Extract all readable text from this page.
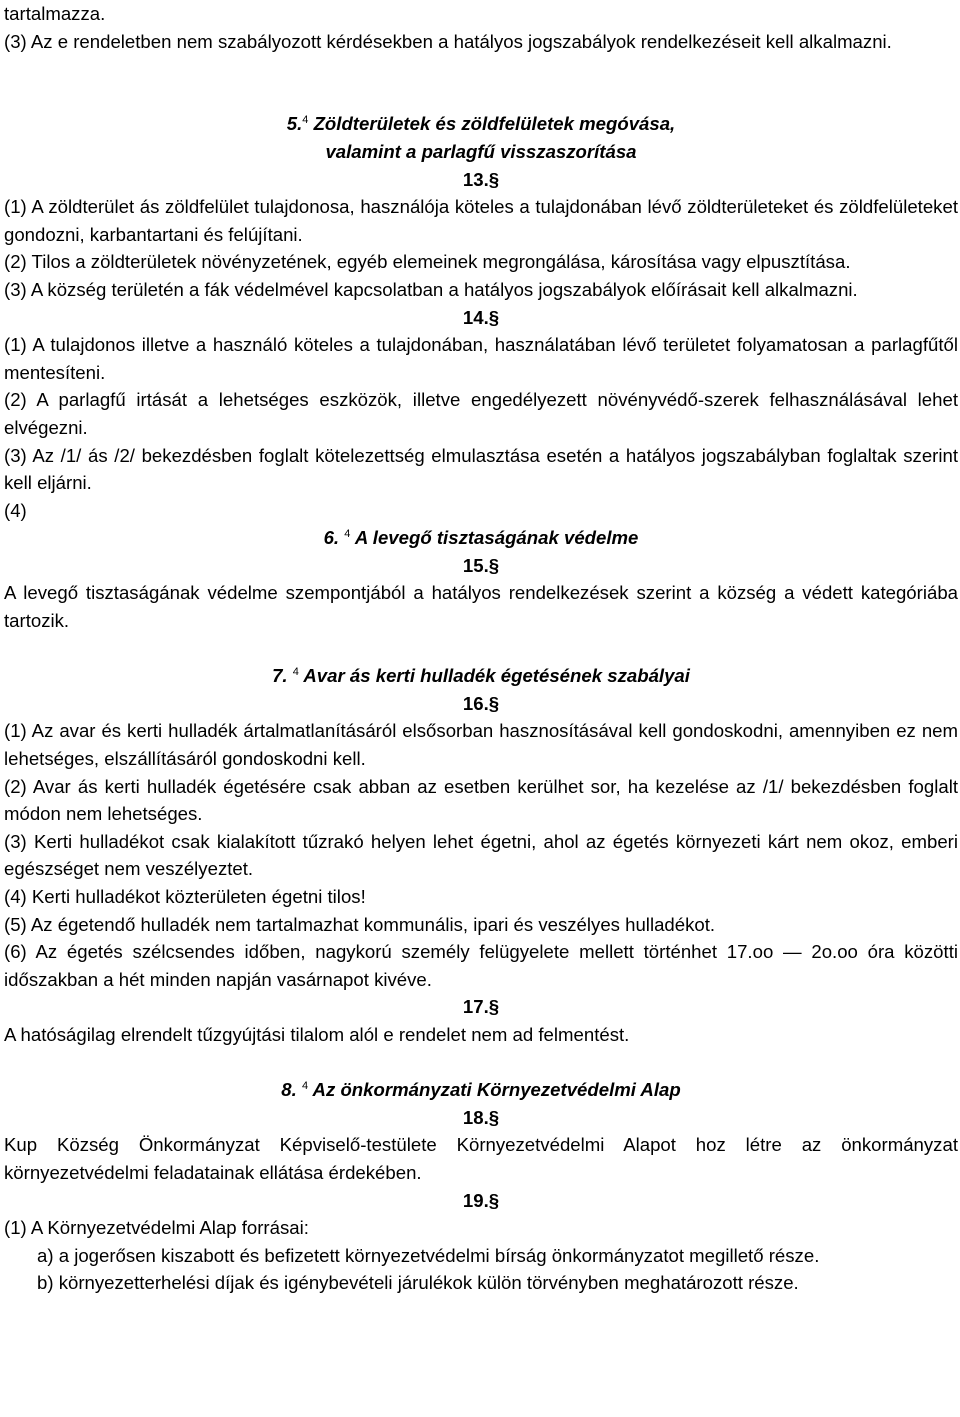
tartalmazza.

(3) Az e rendeletben nem szabályozott kérdésekben a hatályos jogszabályok rendelkezéseit kell alkalmazni.

5.$^4$ Zöldterületek és zöldfelületek megóvása,
valamint a parlagfű visszaszorítása
13.§

(1) A zöldterület ás zöldfelület tulajdonosa, használója köteles a tulajdonában lévő zöldterületeket és zöldfelületeket gondozni, karbantartani és felújítani.

(2) Tilos a zöldterületek növényzetének, egyéb elemeinek megrongálása, károsítása vagy elpusztítása.

(3) A község területén a fák védelmével kapcsolatban a hatályos jogszabályok előírásait kell alkalmazni.

14.§

(1) A tulajdonos illetve a használó köteles a tulajdonában, használatában lévő területet folyamatosan a parlagfűtől mentesíteni.

(2) A parlagfű irtását a lehetséges eszközök, illetve engedélyezett növényvédő-szerek felhasználásával lehet elvégezni.

(3) Az /1/ ás /2/ bekezdésben foglalt kötelezettség elmulasztása esetén a hatályos jogszabályban foglaltak szerint kell eljárni.

(4)

6. $^4$ A levegő tisztaságának védelme
15.§

A levegő tisztaságának védelme szempontjából a hatályos rendelkezések szerint a község a védett kategóriába tartozik.

7. $^4$ Avar ás kerti hulladék égetésének szabályai
16.§

(1) Az avar és kerti hulladék ártalmatlanításáról elsősorban hasznosításával kell gondoskodni, amennyiben ez nem lehetséges, elszállításáról gondoskodni kell.

(2) Avar ás kerti hulladék égetésére csak abban az esetben kerülhet sor, ha kezelése az /1/ bekezdésben foglalt módon nem lehetséges.

(3) Kerti hulladékot csak kialakított tűzrakó helyen lehet égetni, ahol az égetés környezeti kárt nem okoz, emberi egészséget nem veszélyeztet.

(4) Kerti hulladékot közterületen égetni tilos!

(5) Az égetendő hulladék nem tartalmazhat kommunális, ipari és veszélyes hulladékot.

(6) Az égetés szélcsendes időben, nagykorú személy felügyelete mellett történhet 17.oo — 2o.oo óra közötti időszakban a hét minden napján vasárnapot kivéve.

17.§

A hatóságilag elrendelt tűzgyújtási tilalom alól e rendelet nem ad felmentést.

8. $^4$ Az önkormányzati Környezetvédelmi Alap
18.§

Kup Község Önkormányzat Képviselő-testülete Környezetvédelmi Alapot hoz létre az önkormányzat környezetvédelmi feladatainak ellátása érdekében.

19.§

(1) A Környezetvédelmi Alap forrásai:

a) a jogerősen kiszabott és befizetett környezetvédelmi bírság önkormányzatot megillető része.

b) környezetterhelési díjak és igénybevételi járulékok külön törvényben meghatározott része.
